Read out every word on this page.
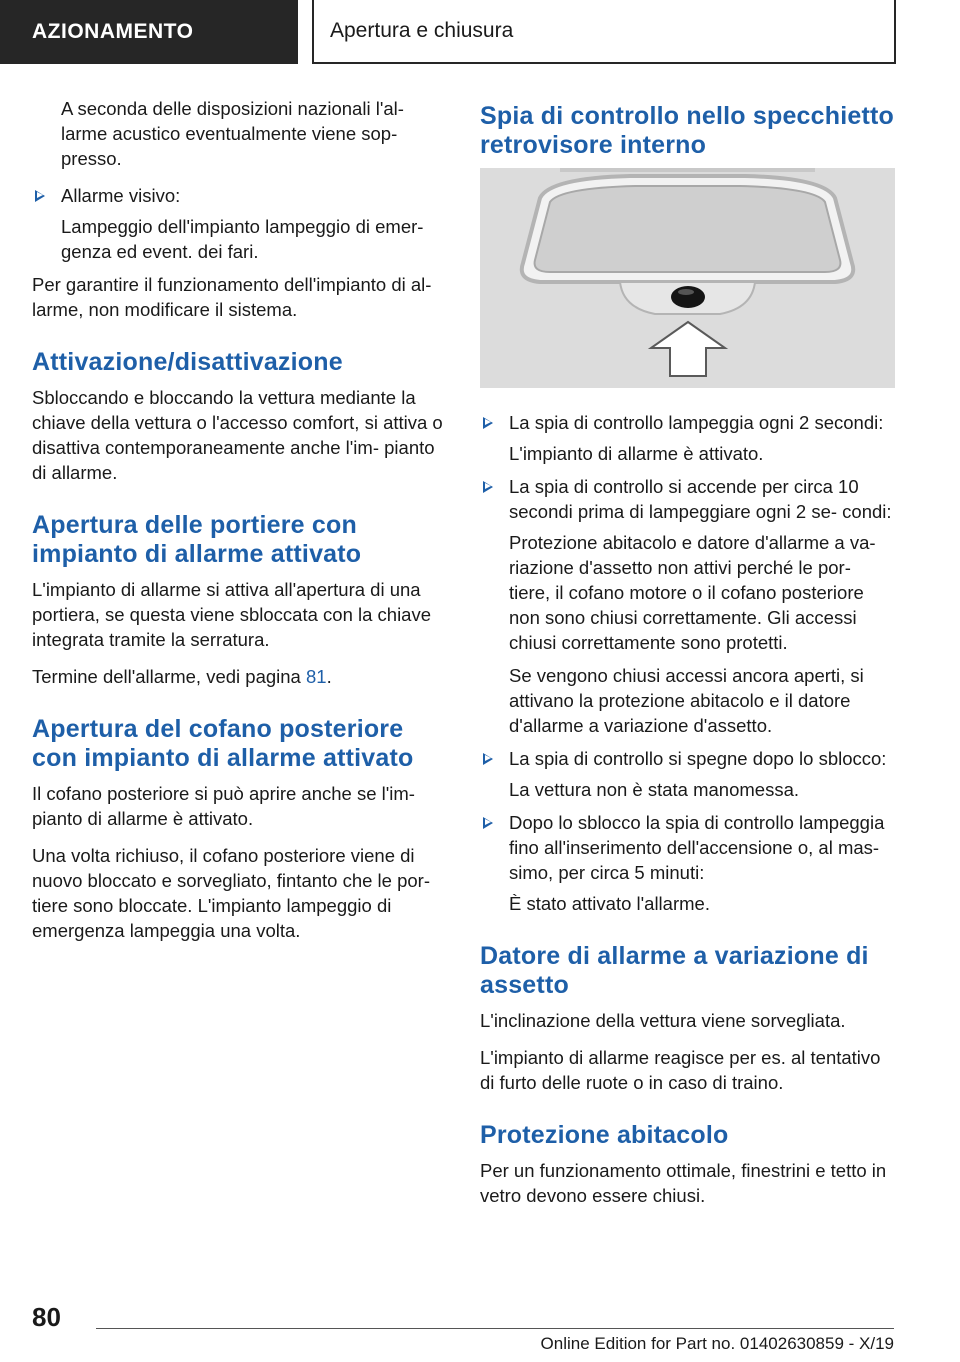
AZIONAMENTO	Apertura e chiusura

A seconda delle disposizioni nazionali l'al- larme acustico eventualmente viene sop- presso.

Allarme visivo:
Lampeggio dell'impianto lampeggio di emer- genza ed event. dei fari.

Per garantire il funzionamento dell'impianto di al- larme, non modificare il sistema.

Attivazione/disattivazione

Sbloccando e bloccando la vettura mediante la chiave della vettura o l'accesso comfort, si attiva o disattiva contemporaneamente anche l'im- pianto di allarme.

Apertura delle portiere con impianto di allarme attivato

L'impianto di allarme si attiva all'apertura di una portiera, se questa viene sbloccata con la chiave integrata tramite la serratura.

Termine dell'allarme, vedi pagina 81.

Apertura del cofano posteriore con impianto di allarme attivato

Il cofano posteriore si può aprire anche se l'im- pianto di allarme è attivato.

Una volta richiuso, il cofano posteriore viene di nuovo bloccato e sorvegliato, fintanto che le por- tiere sono bloccate. L'impianto lampeggio di emergenza lampeggia una volta.

Spia di controllo nello specchietto retrovisore interno
La spia di controllo lampeggia ogni 2 secondi:
L'impianto di allarme è attivato.
La spia di controllo si accende per circa 10 secondi prima di lampeggiare ogni 2 se- condi:
Protezione abitacolo e datore d'allarme a va- riazione d'assetto non attivi perché le por- tiere, il cofano motore o il cofano posteriore non sono chiusi correttamente. Gli accessi chiusi correttamente sono protetti.
Se vengono chiusi accessi ancora aperti, si attivano la protezione abitacolo e il datore d'allarme a variazione d'assetto.
La spia di controllo si spegne dopo lo sblocco:
La vettura non è stata manomessa.
Dopo lo sblocco la spia di controllo lampeggia fino all'inserimento dell'accensione o, al mas- simo, per circa 5 minuti:
È stato attivato l'allarme.
Datore di allarme a variazione di assetto

L'inclinazione della vettura viene sorvegliata.

L'impianto di allarme reagisce per es. al tentativo di furto delle ruote o in caso di traino.

Protezione abitacolo

Per un funzionamento ottimale, finestrini e tetto in vetro devono essere chiusi.

80
Online Edition for Part no. 01402630859 - X/19
